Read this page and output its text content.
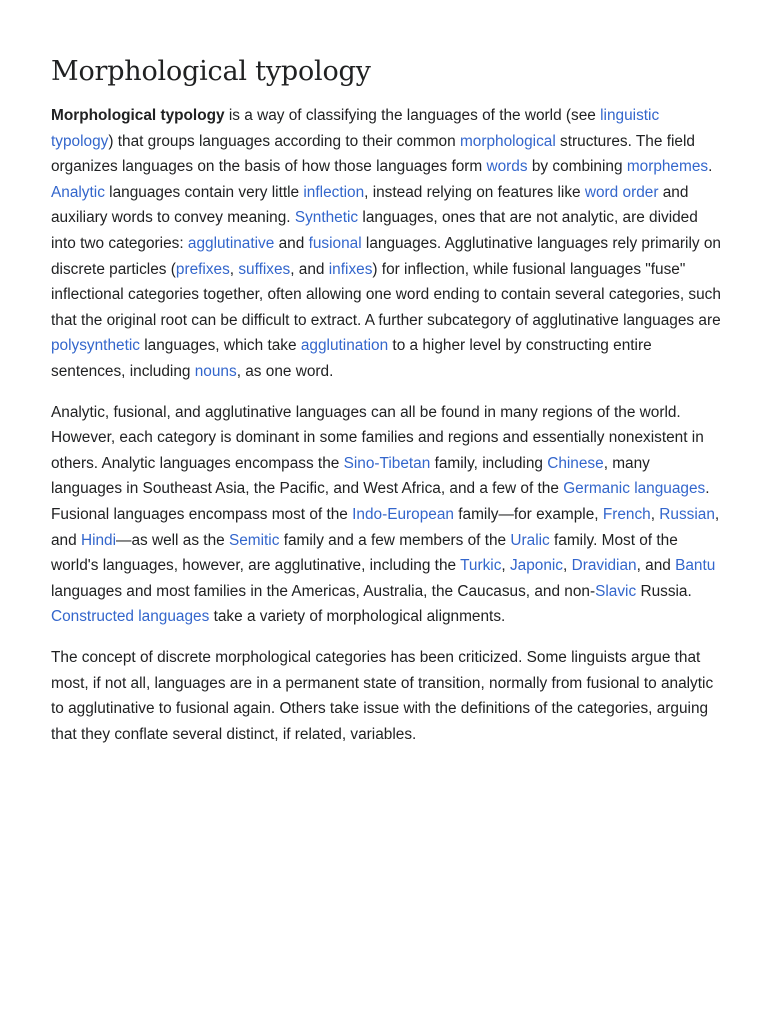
Morphological typology

Morphological typology is a way of classifying the languages of the world (see linguistic typology) that groups languages according to their common morphological structures. The field organizes languages on the basis of how those languages form words by combining morphemes. Analytic languages contain very little inflection, instead relying on features like word order and auxiliary words to convey meaning. Synthetic languages, ones that are not analytic, are divided into two categories: agglutinative and fusional languages. Agglutinative languages rely primarily on discrete particles (prefixes, suffixes, and infixes) for inflection, while fusional languages "fuse" inflectional categories together, often allowing one word ending to contain several categories, such that the original root can be difficult to extract. A further subcategory of agglutinative languages are polysynthetic languages, which take agglutination to a higher level by constructing entire sentences, including nouns, as one word.

Analytic, fusional, and agglutinative languages can all be found in many regions of the world. However, each category is dominant in some families and regions and essentially nonexistent in others. Analytic languages encompass the Sino-Tibetan family, including Chinese, many languages in Southeast Asia, the Pacific, and West Africa, and a few of the Germanic languages. Fusional languages encompass most of the Indo-European family—for example, French, Russian, and Hindi—as well as the Semitic family and a few members of the Uralic family. Most of the world's languages, however, are agglutinative, including the Turkic, Japonic, Dravidian, and Bantu languages and most families in the Americas, Australia, the Caucasus, and non-Slavic Russia. Constructed languages take a variety of morphological alignments.

The concept of discrete morphological categories has been criticized. Some linguists argue that most, if not all, languages are in a permanent state of transition, normally from fusional to analytic to agglutinative to fusional again. Others take issue with the definitions of the categories, arguing that they conflate several distinct, if related, variables.
